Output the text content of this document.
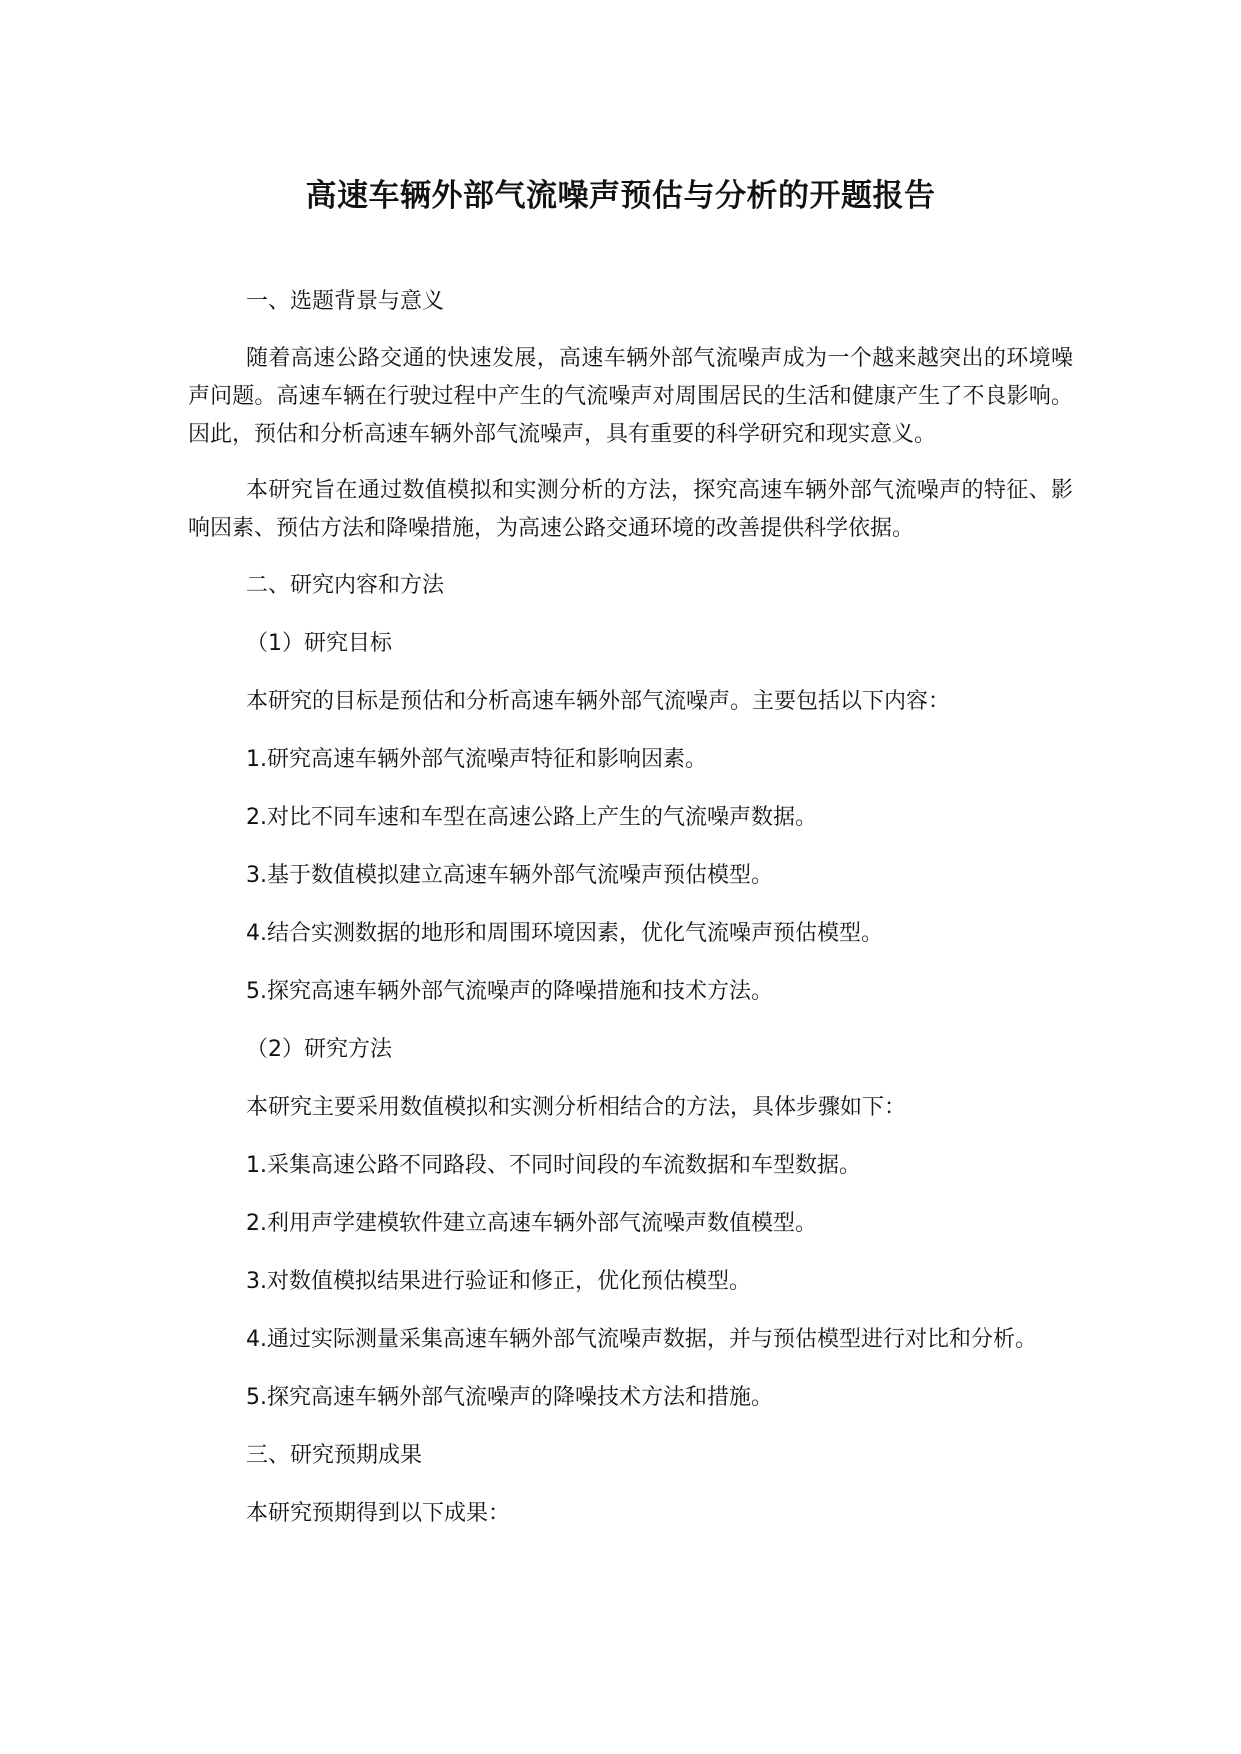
高速车辆外部气流噪声预估与分析的开题报告
一、选题背景与意义
随着高速公路交通的快速发展，高速车辆外部气流噪声成为一个越来越突出的环境噪声问题。高速车辆在行驶过程中产生的气流噪声对周围居民的生活和健康产生了不良影响。因此，预估和分析高速车辆外部气流噪声，具有重要的科学研究和现实意义。
本研究旨在通过数值模拟和实测分析的方法，探究高速车辆外部气流噪声的特征、影响因素、预估方法和降噪措施，为高速公路交通环境的改善提供科学依据。
二、研究内容和方法
（1）研究目标
本研究的目标是预估和分析高速车辆外部气流噪声。主要包括以下内容：
1.研究高速车辆外部气流噪声特征和影响因素。
2.对比不同车速和车型在高速公路上产生的气流噪声数据。
3.基于数值模拟建立高速车辆外部气流噪声预估模型。
4.结合实测数据的地形和周围环境因素，优化气流噪声预估模型。
5.探究高速车辆外部气流噪声的降噪措施和技术方法。
（2）研究方法
本研究主要采用数值模拟和实测分析相结合的方法，具体步骤如下：
1.采集高速公路不同路段、不同时间段的车流数据和车型数据。
2.利用声学建模软件建立高速车辆外部气流噪声数值模型。
3.对数值模拟结果进行验证和修正，优化预估模型。
4.通过实际测量采集高速车辆外部气流噪声数据，并与预估模型进行对比和分析。
5.探究高速车辆外部气流噪声的降噪技术方法和措施。
三、研究预期成果
本研究预期得到以下成果：
